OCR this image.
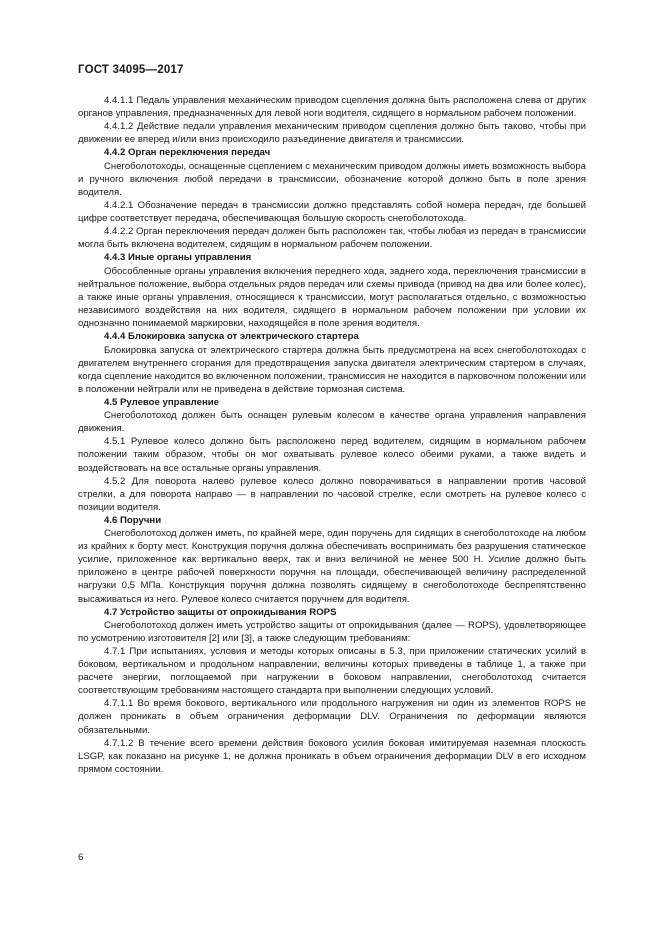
ГОСТ 34095—2017

4.4.1.1 Педаль управления механическим приводом сцепления должна быть расположена слева от других органов управления, предназначенных для левой ноги водителя, сидящего в нормальном рабочем положении.

4.4.1.2 Действие педали управления механическим приводом сцепления должно быть таково, чтобы при движении ее вперед и/или вниз происходило разъединение двигателя и трансмиссии.

4.4.2 Орган переключения передач

Снегоболотоходы, оснащенные сцеплением с механическим приводом должны иметь возможность выбора и ручного включения любой передачи в трансмиссии, обозначение которой должно быть в поле зрения водителя.

4.4.2.1 Обозначение передач в трансмиссии должно представлять собой номера передач, где большей цифре соответствует передача, обеспечивающая большую скорость снегоболотохода.

4.4.2.2 Орган переключения передач должен быть расположен так, чтобы любая из передач в трансмиссии могла быть включена водителем, сидящим в нормальном рабочем положении.

4.4.3 Иные органы управления

Обособленные органы управления включения переднего хода, заднего хода, переключения трансмиссии в нейтральное положение, выбора отдельных рядов передач или схемы привода (привод на два или более колес), а также иные органы управления, относящиеся к трансмиссии, могут располагаться отдельно, с возможностью независимого воздействия на них водителя, сидящего в нормальном рабочем положении при условии их однозначно понимаемой маркировки, находящейся в поле зрения водителя.

4.4.4 Блокировка запуска от электрического стартера

Блокировка запуска от электрического стартера должна быть предусмотрена на всех снегоболотоходах с двигателем внутреннего сгорания для предотвращения запуска двигателя электрическим стартером в случаях, когда сцепление находится во включенном положении, трансмиссия не находится в парковочном положении или в положении нейтрали или не приведена в действие тормозная система.

4.5 Рулевое управление

Снегоболотоход должен быть оснащен рулевым колесом в качестве органа управления направления движения.

4.5.1 Рулевое колесо должно быть расположено перед водителем, сидящим в нормальном рабочем положении таким образом, чтобы он мог охватывать рулевое колесо обеими руками, а также видеть и воздействовать на все остальные органы управления.

4.5.2 Для поворота налево рулевое колесо должно поворачиваться в направлении против часовой стрелки, а для поворота направо — в направлении по часовой стрелке, если смотреть на рулевое колесо с позиции водителя.

4.6 Поручни

Снегоболотоход должен иметь, по крайней мере, один поручень для сидящих в снегоболотоходе на любом из крайних к борту мест. Конструкция поручня должна обеспечивать воспринимать без разрушения статическое усилие, приложенное как вертикально вверх, так и вниз величиной не менее 500 Н. Усилие должно быть приложено в центре рабочей поверхности поручня на площади, обеспечивающей величину распределенной нагрузки 0,5 МПа. Конструкция поручня должна позволять сидящему в снегоболотоходе беспрепятственно высаживаться из него. Рулевое колесо считается поручнем для водителя.

4.7 Устройство защиты от опрокидывания ROPS

Снегоболотоход должен иметь устройство защиты от опрокидывания (далее — ROPS), удовлетворяющее по усмотрению изготовителя [2] или [3], а также следующим требованиям:

4.7.1 При испытаниях, условия и методы которых описаны в 5.3, при приложении статических усилий в боковом, вертикальном и продольном направлении, величины которых приведены в таблице 1, а также при расчете энергии, поглощаемой при нагружении в боковом направлении, снегоболотоход считается соответствующим требованиям настоящего стандарта при выполнении следующих условий.

4.7.1.1 Во время бокового, вертикального или продольного нагружения ни один из элементов ROPS не должен проникать в объем ограничения деформации DLV. Ограничения по деформации являются обязательными.

4.7.1.2 В течение всего времени действия бокового усилия боковая имитируемая наземная плоскость LSGP, как показано на рисунке 1, не должна проникать в объем ограничения деформации DLV в его исходном прямом состоянии.

6
